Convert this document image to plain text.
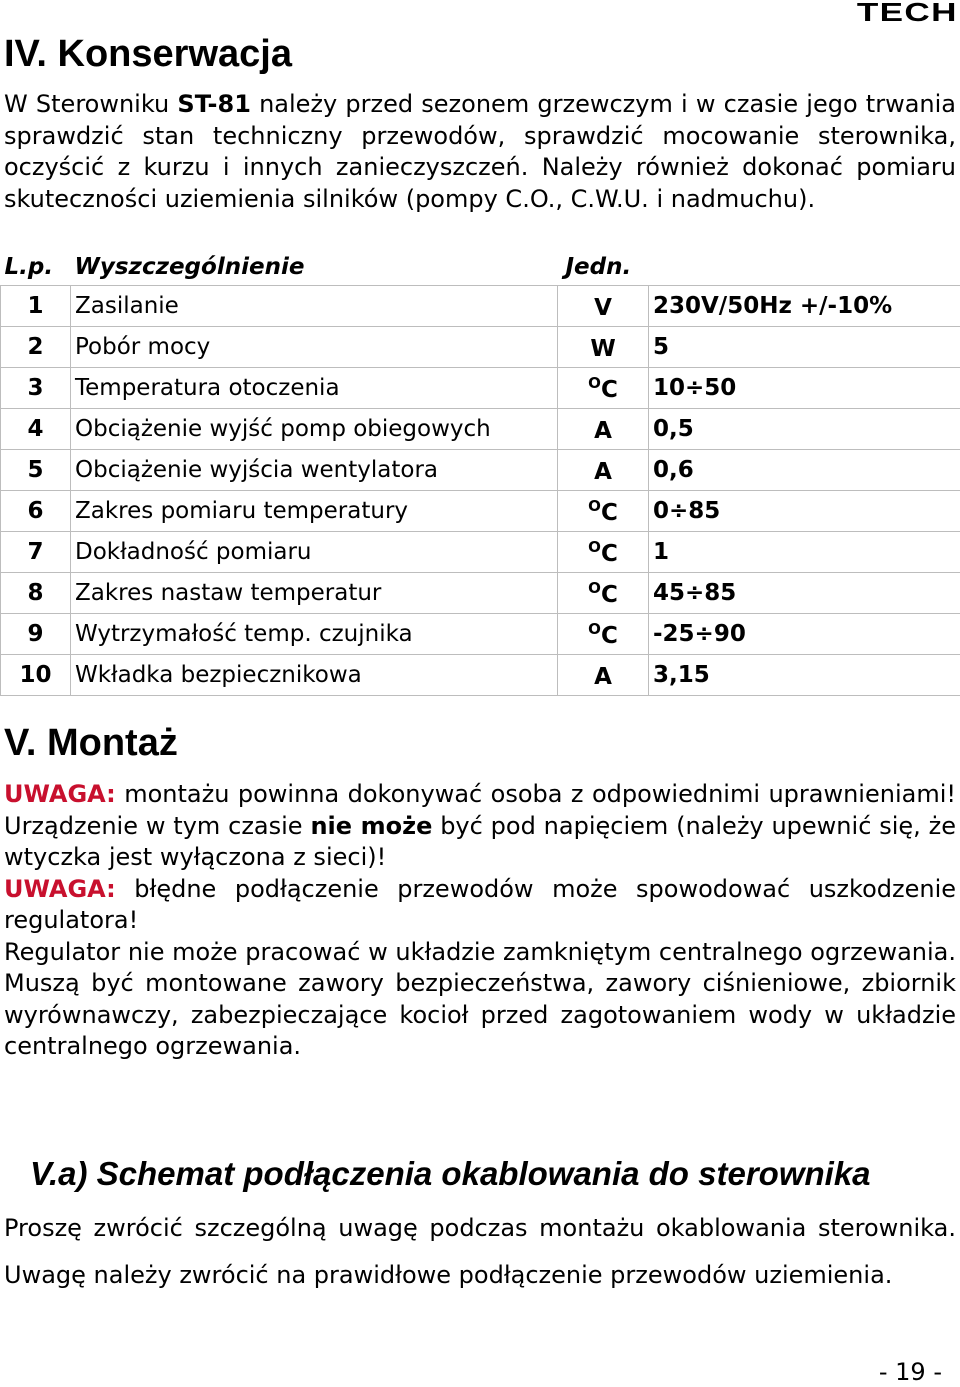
TECH
IV. Konserwacja
W Sterowniku ST-81 należy przed sezonem grzewczym i w czasie jego trwania sprawdzić stan techniczny przewodów, sprawdzić mocowanie sterownika, oczyścić z kurzu i innych zanieczyszczeń. Należy również dokonać pomiaru skuteczności uziemienia silników (pompy C.O., C.W.U. i nadmuchu).
L.p.	Wyszczególnienie	Jedn.	
1	Zasilanie	V	230V/50Hz +/-10%
2	Pobór mocy	W	5
3	Temperatura otoczenia	$^O$C	10÷50
4	Obciążenie wyjść pomp obiegowych	A	0,5
5	Obciążenie wyjścia wentylatora	A	0,6
6	Zakres pomiaru temperatury	$^O$C	0÷85
7	Dokładność pomiaru	$^O$C	1
8	Zakres nastaw temperatur	$^O$C	45÷85
9	Wytrzymałość temp. czujnika	$^O$C	-25÷90
10	Wkładka bezpiecznikowa	A	3,15
V. Montaż

UWAGA: montażu powinna dokonywać osoba z odpowiednimi uprawnieniami! Urządzenie w tym czasie nie może być pod napięciem (należy upewnić się, że wtyczka jest wyłączona z sieci)!

UWAGA: błędne podłączenie przewodów może spowodować uszkodzenie regulatora!

Regulator nie może pracować w układzie zamkniętym centralnego ogrzewania. Muszą być montowane zawory bezpieczeństwa, zawory ciśnieniowe, zbiornik wyrównawczy, zabezpieczające kocioł przed zagotowaniem wody w układzie centralnego ogrzewania.

V.a) Schemat podłączenia okablowania do sterownika
Proszę zwrócić szczególną uwagę podczas montażu okablowania sterownika. Uwagę należy zwrócić na prawidłowe podłączenie przewodów uziemienia.
- 19 -
